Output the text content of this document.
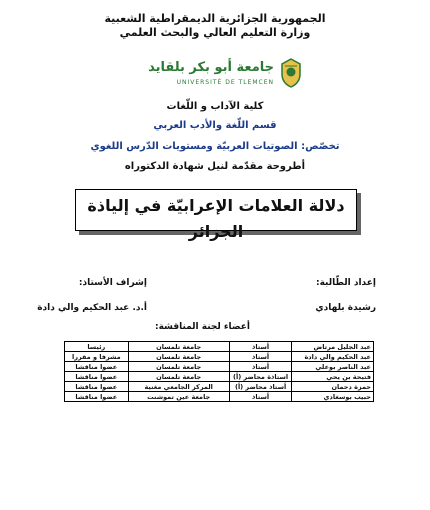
الجمهورية الجزائرية الديمقراطية الشعبية
وزارة التعليم العالي والبحث العلمي
جامعة أبو بكر بلقايد
UNIVERSITÉ DE TLEMCEN
كلية الآداب و اللّغات
قسم اللّغة والأدب العربي
تخصّص: الصوتيات العربيّة ومستويات الدّرس اللغوي
أطروحة مقدّمة لنيل شهادة الدكتوراه
دلالة العلامات الإعرابيّة في إلياذة
الجزائر
إعداد الطّالبة:
إشراف الأستاذ:
رشيدة بلهادي
أ.د. عبد الحكيم والي دادة
أعضاء لجنة المناقشة:
عبد الجليل مرتاض	أستاذ	جامعة تلمسان	رئيسا
عبد الحكيم والي دادة	أستاذ	جامعة تلمسان	مشرفا و مقررا
عبد الناصر بوعلي	أستاذ	جامعة تلمسان	عضوا مناقشا
فتيحة بن يحي	استاذة محاضر (أ)	جامعة تلمسان	عضوا مناقشا
حمزة دحمان	أستاذ محاضر (أ)	المركز الجامعي مغنية	عضوا مناقشا
حبيب بوسغادي	أستاذ	جامعة عين تموشنت	عضوا مناقشا
